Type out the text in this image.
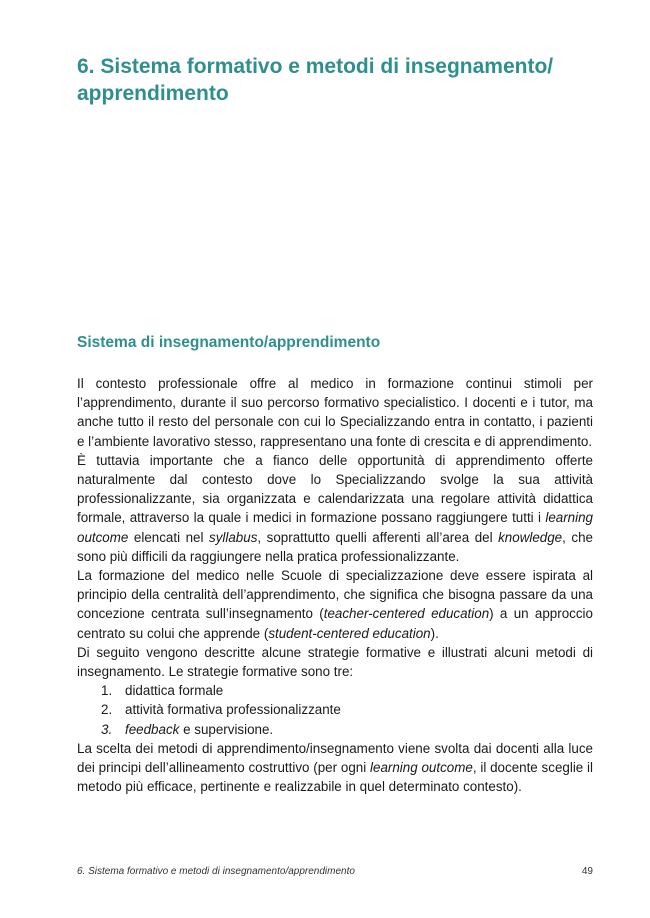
6. Sistema formativo e metodi di insegnamento/ apprendimento
Sistema di insegnamento/apprendimento

Il contesto professionale offre al medico in formazione continui stimoli per l’apprendimento, durante il suo percorso formativo specialistico. I docenti e i tutor, ma anche tutto il resto del personale con cui lo Specializzando entra in contatto, i pazienti e l’ambiente lavorativo stesso, rappresentano una fonte di crescita e di apprendimento.

È tuttavia importante che a fianco delle opportunità di apprendimento offerte naturalmente dal contesto dove lo Specializzando svolge la sua attività professionalizzante, sia organizzata e calendarizzata una regolare attività didattica formale, attraverso la quale i medici in formazione possano raggiungere tutti i learning outcome elencati nel syllabus, soprattutto quelli afferenti all’area del knowledge, che sono più difficili da raggiungere nella pratica professionalizzante.

La formazione del medico nelle Scuole di specializzazione deve essere ispirata al principio della centralità dell’apprendimento, che significa che bisogna passare da una concezione centrata sull’insegnamento (teacher-centered education) a un approccio centrato su colui che apprende (student-centered education).

Di seguito vengono descritte alcune strategie formative e illustrati alcuni metodi di insegnamento. Le strategie formative sono tre:

1. didattica formale
2. attività formativa professionalizzante
3. feedback e supervisione.

La scelta dei metodi di apprendimento/insegnamento viene svolta dai docenti alla luce dei principi dell’allineamento costruttivo (per ogni learning outcome, il docente sceglie il metodo più efficace, pertinente e realizzabile in quel determinato contesto).

6. Sistema formativo e metodi di insegnamento/apprendimento	49
